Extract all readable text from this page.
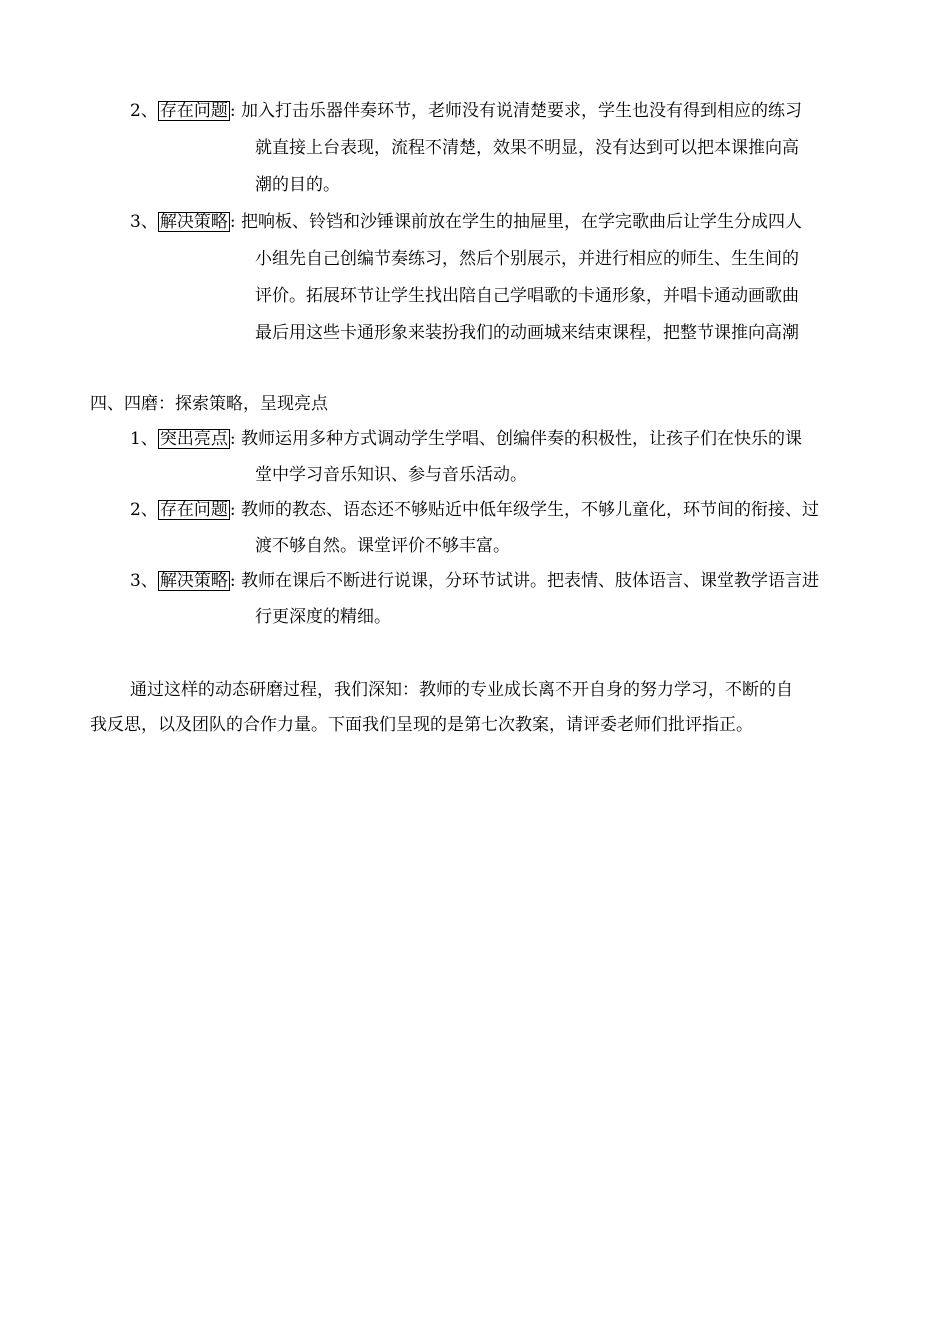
2、 存在问题 : 加入打击乐器伴奏环节，老师没有说清楚要求，学生也没有得到相应的练习
就直接上台表现，流程不清楚，效果不明显，没有达到可以把本课推向高
潮的目的。
3、 解决策略 : 把响板、铃铛和沙锤课前放在学生的抽屉里，在学完歌曲后让学生分成四人
小组先自己创编节奏练习，然后个别展示，并进行相应的师生、生生间的
评价。拓展环节让学生找出陪自己学唱歌的卡通形象，并唱卡通动画歌曲
最后用这些卡通形象来装扮我们的动画城来结束课程，把整节课推向高潮
四、四磨：探索策略，呈现亮点
1、 突出亮点 : 教师运用多种方式调动学生学唱、创编伴奏的积极性，让孩子们在快乐的课
堂中学习音乐知识、参与音乐活动。
2、 存在问题 : 教师的教态、语态还不够贴近中低年级学生，不够儿童化，环节间的衔接、过
渡不够自然。课堂评价不够丰富。
3、 解决策略 : 教师在课后不断进行说课，分环节试讲。把表情、肢体语言、课堂教学语言进
行更深度的精细。
通过这样的动态研磨过程，我们深知：教师的专业成长离不开自身的努力学习，不断的自
我反思，以及团队的合作力量。下面我们呈现的是第七次教案，请评委老师们批评指正。
